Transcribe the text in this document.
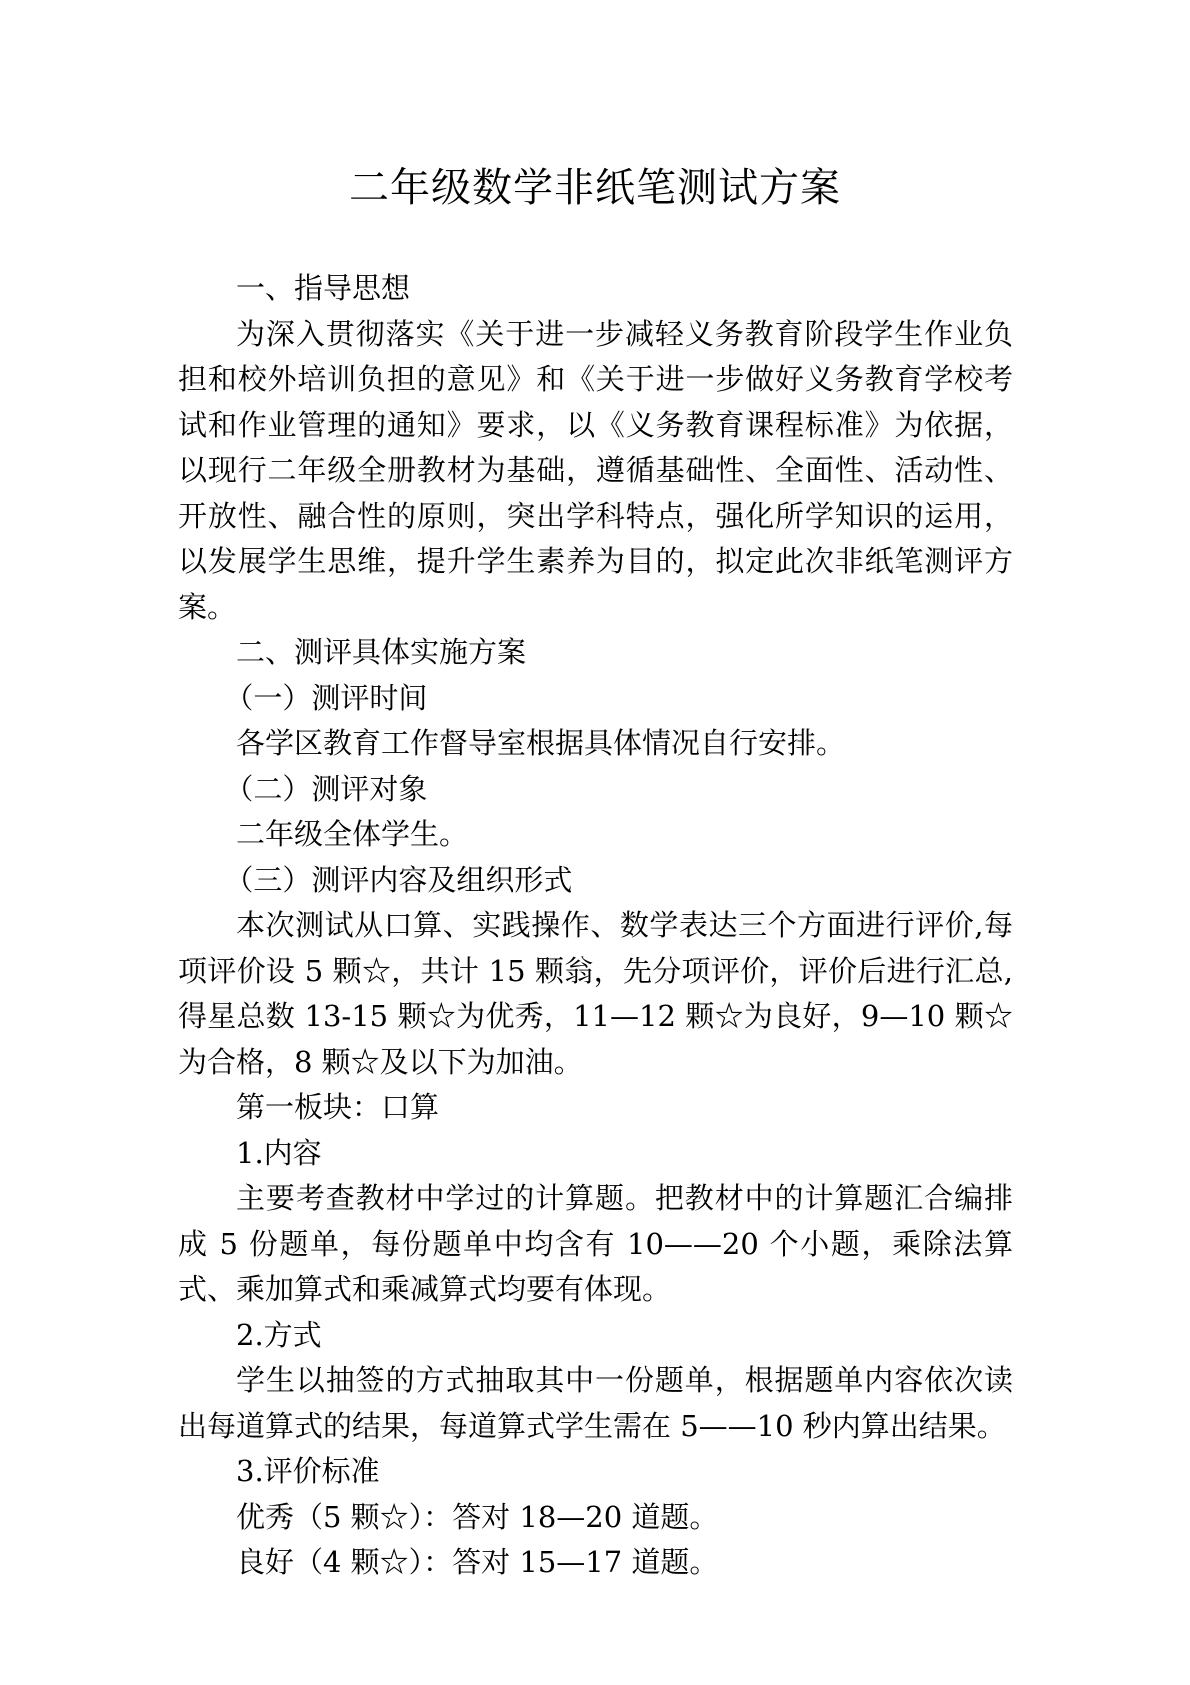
二年级数学非纸笔测试方案

一、指导思想

为深入贯彻落实《关于进一步减轻义务教育阶段学生作业负担和校外培训负担的意见》和《关于进一步做好义务教育学校考试和作业管理的通知》要求，以《义务教育课程标准》为依据，以现行二年级全册教材为基础，遵循基础性、全面性、活动性、开放性、融合性的原则，突出学科特点，强化所学知识的运用，以发展学生思维，提升学生素养为目的，拟定此次非纸笔测评方案。

二、测评具体实施方案

（一）测评时间

各学区教育工作督导室根据具体情况自行安排。

（二）测评对象

二年级全体学生。

（三）测评内容及组织形式

本次测试从口算、实践操作、数学表达三个方面进行评价,每项评价设 5 颗☆，共计 15 颗翁，先分项评价，评价后进行汇总,得星总数 13-15 颗☆为优秀，11—12 颗☆为良好，9—10 颗☆为合格，8 颗☆及以下为加油。

第一板块：口算

1.内容

主要考查教材中学过的计算题。把教材中的计算题汇合编排成 5 份题单，每份题单中均含有 10——20 个小题，乘除法算式、乘加算式和乘减算式均要有体现。

2.方式

学生以抽签的方式抽取其中一份题单，根据题单内容依次读出每道算式的结果，每道算式学生需在 5——10 秒内算出结果。

3.评价标准

优秀（5 颗☆）：答对 18—20 道题。

良好（4 颗☆）：答对 15—17 道题。
